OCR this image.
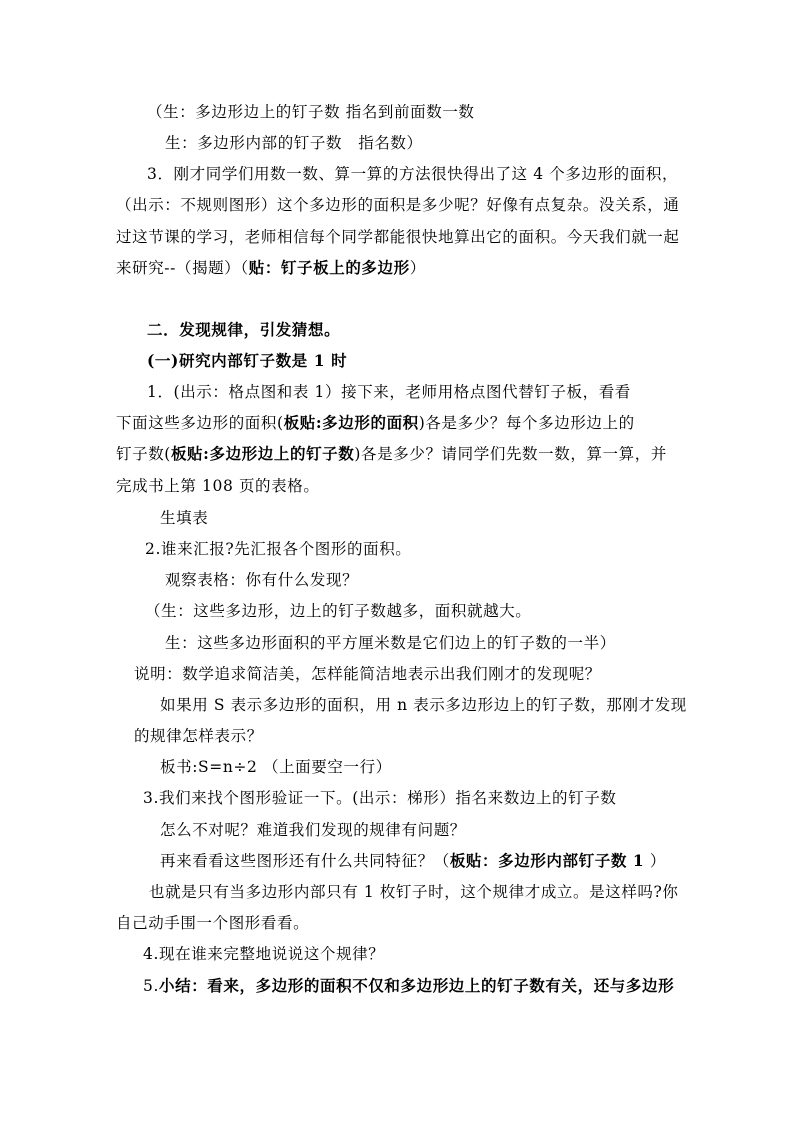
（生：多边形边上的钉子数 指名到前面数一数
生：多边形内部的钉子数　指名数）
3．刚才同学们用数一数、算一算的方法很快得出了这 4 个多边形的面积，
（出示：不规则图形）这个多边形的面积是多少呢？好像有点复杂。没关系，通
过这节课的学习，老师相信每个同学都能很快地算出它的面积。今天我们就一起
来研究--（揭题）（贴：钉子板上的多边形）
二．发现规律，引发猜想。
(一)研究内部钉子数是 1 时
1．(出示：格点图和表 1）接下来，老师用格点图代替钉子板，看看
下面这些多边形的面积(板贴:多边形的面积)各是多少？每个多边形边上的
钉子数(板贴:多边形边上的钉子数)各是多少？请同学们先数一数，算一算，并
完成书上第 108 页的表格。
生填表
2.谁来汇报?先汇报各个图形的面积。
观察表格：你有什么发现？
（生：这些多边形，边上的钉子数越多，面积就越大。
生：这些多边形面积的平方厘米数是它们边上的钉子数的一半）
说明：数学追求简洁美，怎样能简洁地表示出我们刚才的发现呢？
如果用 S 表示多边形的面积，用 n 表示多边形边上的钉子数，那刚才发现
的规律怎样表示？
板书:S=n÷2 （上面要空一行）
3.我们来找个图形验证一下。(出示：梯形）指名来数边上的钉子数
怎么不对呢？难道我们发现的规律有问题？
再来看看这些图形还有什么共同特征？（板贴：多边形内部钉子数 1 ）
也就是只有当多边形内部只有 1 枚钉子时，这个规律才成立。是这样吗?你
自己动手围一个图形看看。
4.现在谁来完整地说说这个规律？
5.小结：看来，多边形的面积不仅和多边形边上的钉子数有关，还与多边形
